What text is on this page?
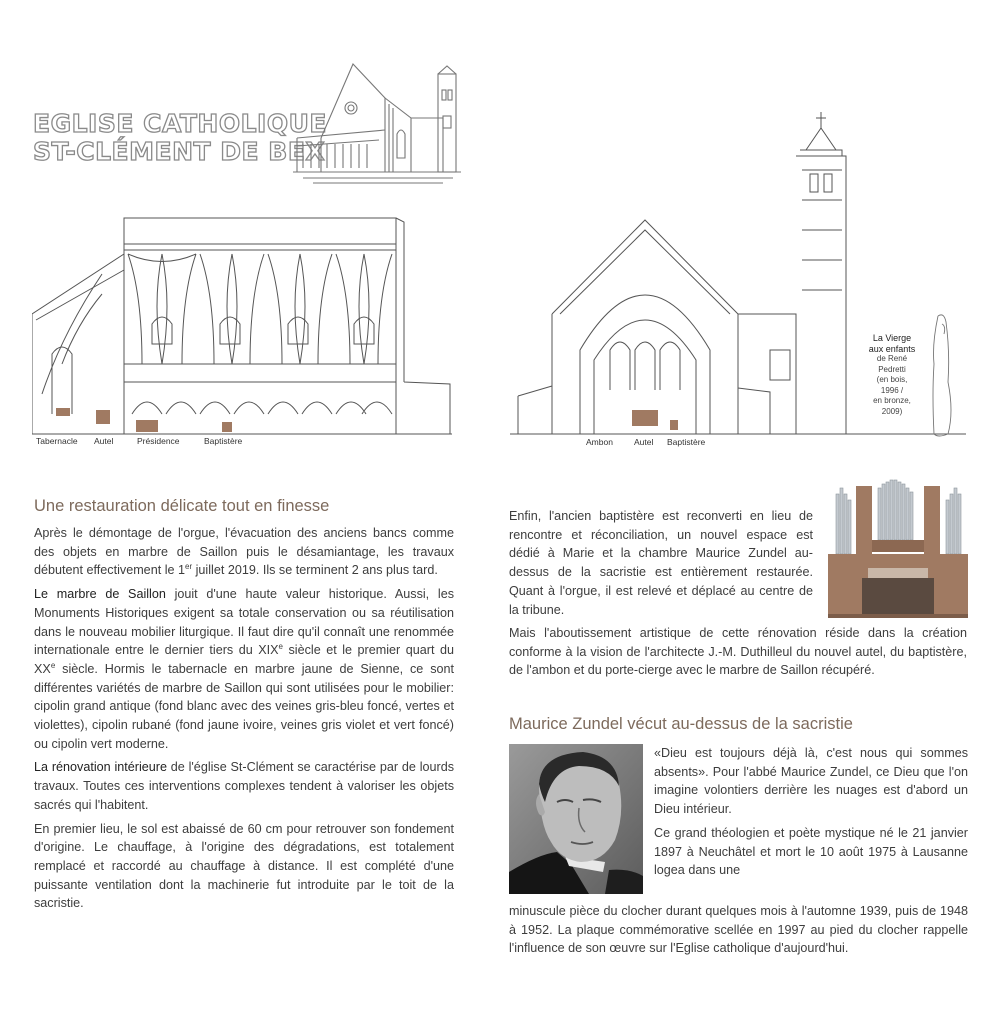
EGLISE CATHOLIQUE
ST-CLÉMENT DE BEX
Tabernacle Autel	Présidence	Baptistère	Ambon Autel Baptistère
La Vierge
aux enfants
de René
Pedretti
(en bois,
1996 /
en bronze,
2009)
Une restauration délicate tout en finesse

Après le démontage de l'orgue, l'évacuation des anciens bancs comme des objets en marbre de Saillon puis le désamiantage, les travaux débutent effectivement le 1er juillet 2019. Ils se terminent 2 ans plus tard.

Le marbre de Saillon jouit d'une haute valeur historique. Aussi, les Monuments Historiques exigent sa totale conservation ou sa réutilisation dans le nouveau mobilier liturgique. Il faut dire qu'il connaît une renommée internationale entre le dernier tiers du XIXe siècle et le premier quart du XXe siècle. Hormis le tabernacle en marbre jaune de Sienne, ce sont différentes variétés de marbre de Saillon qui sont utilisées pour le mobilier: cipolin grand antique (fond blanc avec des veines gris-bleu foncé, vertes et violettes), cipolin rubané (fond jaune ivoire, veines gris violet et vert foncé) ou cipolin vert moderne.

La rénovation intérieure de l'église St-Clément se caractérise par de lourds travaux. Toutes ces interventions complexes tendent à valoriser les objets sacrés qui l'habitent.

En premier lieu, le sol est abaissé de 60 cm pour retrouver son fondement d'origine. Le chauffage, à l'origine des dégradations, est totalement remplacé et raccordé au chauffage à distance. Il est complété d'une puissante ventilation dont la machinerie fut introduite par le toit de la sacristie.

Enfin, l'ancien baptistère est reconverti en lieu de rencontre et réconciliation, un nouvel espace est dédié à Marie et la chambre Maurice Zundel au-dessus de la sacristie est entièrement restaurée. Quant à l'orgue, il est relevé et déplacé au centre de la tribune.

Mais l'aboutissement artistique de cette rénovation réside dans la création conforme à la vision de l'architecte J.-M. Duthilleul du nouvel autel, du baptistère, de l'ambon et du porte-cierge avec le marbre de Saillon récupéré.

Maurice Zundel vécut au-dessus de la sacristie

«Dieu est toujours déjà là, c'est nous qui sommes absents». Pour l'abbé Maurice Zundel, ce Dieu que l'on imagine volontiers derrière les nuages est d'abord un Dieu intérieur.

Ce grand théologien et poète mystique né le 21 janvier 1897 à Neuchâtel et mort le 10 août 1975 à Lausanne logea dans une

minuscule pièce du clocher durant quelques mois à l'automne 1939, puis de 1948 à 1952. La plaque commémorative scellée en 1997 au pied du clocher rappelle l'influence de son œuvre sur l'Eglise catholique d'aujourd'hui.
